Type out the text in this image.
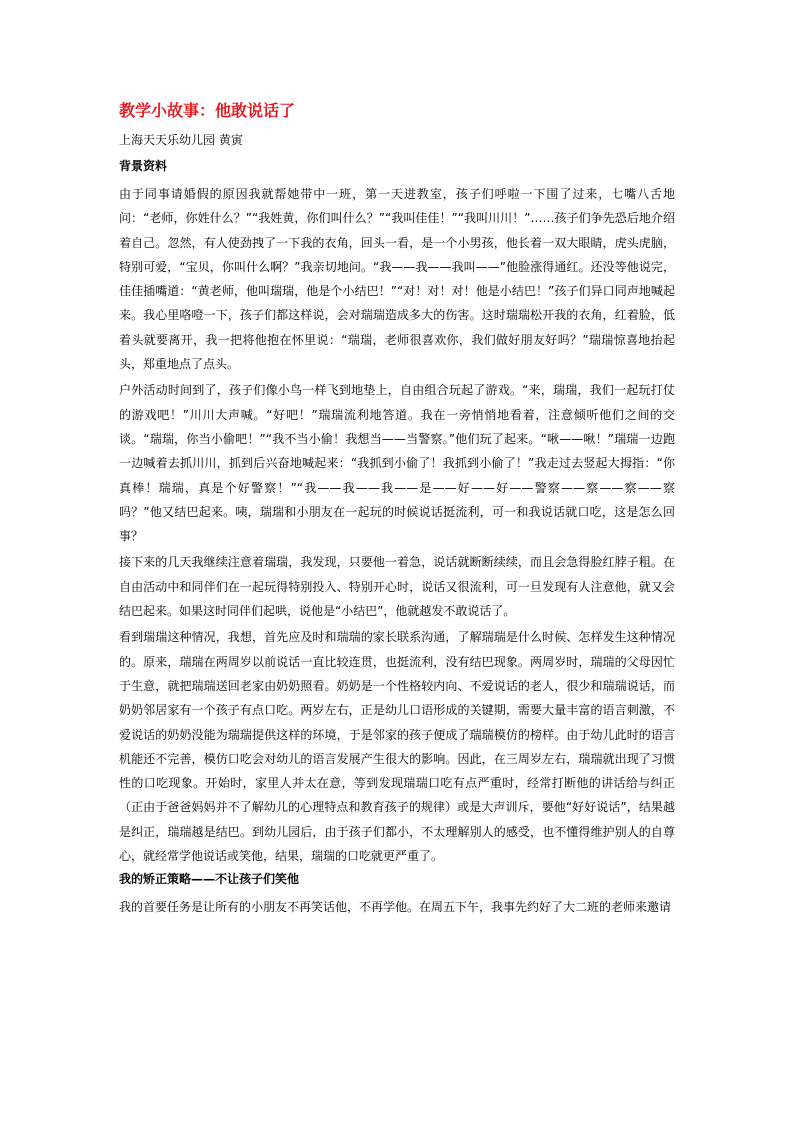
教学小故事：他敢说话了
上海天天乐幼儿园 黄寅
背景资料

由于同事请婚假的原因我就帮她带中一班，第一天进教室，孩子们呼啦一下围了过来，七嘴八舌地问：“老师，你姓什么？”“我姓黄，你们叫什么？”“我叫佳佳！”“我叫川川！”……孩子们争先恐后地介绍着自己。忽然，有人使劲拽了一下我的衣角，回头一看，是一个小男孩，他长着一双大眼睛，虎头虎脑，特别可爱，“宝贝，你叫什么啊？”我亲切地问。“我——我——我叫——”他脸涨得通红。还没等他说完，佳佳插嘴道：“黄老师，他叫瑞瑞，他是个小结巴！”“对！对！对！他是小结巴！”孩子们异口同声地喊起来。我心里咯噔一下，孩子们都这样说，会对瑞瑞造成多大的伤害。这时瑞瑞松开我的衣角，红着脸，低着头就要离开，我一把将他抱在怀里说：“瑞瑞，老师很喜欢你，我们做好朋友好吗？”瑞瑞惊喜地抬起头，郑重地点了点头。

户外活动时间到了，孩子们像小鸟一样飞到地垫上，自由组合玩起了游戏。“来，瑞瑞，我们一起玩打仗的游戏吧！”川川大声喊。“好吧！”瑞瑞流利地答道。我在一旁悄悄地看着，注意倾听他们之间的交谈。“瑞瑞，你当小偷吧！”“我不当小偷！我想当——当警察。”他们玩了起来。“啾——啾！”瑞瑞一边跑一边喊着去抓川川，抓到后兴奋地喊起来：“我抓到小偷了！我抓到小偷了！”我走过去竖起大拇指：“你真棒！瑞瑞，真是个好警察！”“我——我——我——是——好——好——警察——察——察——察吗？”他又结巴起来。咦，瑞瑞和小朋友在一起玩的时候说话挺流利，可一和我说话就口吃，这是怎么回事？

接下来的几天我继续注意着瑞瑞，我发现，只要他一着急，说话就断断续续，而且会急得脸红脖子粗。在自由活动中和同伴们在一起玩得特别投入、特别开心时，说话又很流利，可一旦发现有人注意他，就又会结巴起来。如果这时同伴们起哄，说他是“小结巴”，他就越发不敢说话了。

看到瑞瑞这种情况，我想，首先应及时和瑞瑞的家长联系沟通，了解瑞瑞是什么时候、怎样发生这种情况的。原来，瑞瑞在两周岁以前说话一直比较连贯，也挺流利，没有结巴现象。两周岁时，瑞瑞的父母因忙于生意，就把瑞瑞送回老家由奶奶照看。奶奶是一个性格较内向、不爱说话的老人，很少和瑞瑞说话，而奶奶邻居家有一个孩子有点口吃。两岁左右，正是幼儿口语形成的关键期，需要大量丰富的语言刺激，不爱说话的奶奶没能为瑞瑞提供这样的环境，于是邻家的孩子便成了瑞瑞模仿的榜样。由于幼儿此时的语言机能还不完善，模仿口吃会对幼儿的语言发展产生很大的影响。因此，在三周岁左右，瑞瑞就出现了习惯性的口吃现象。开始时，家里人并太在意，等到发现瑞瑞口吃有点严重时，经常打断他的讲话给与纠正（正由于爸爸妈妈并不了解幼儿的心理特点和教育孩子的规律）或是大声训斥，要他“好好说话”，结果越是纠正，瑞瑞越是结巴。到幼儿园后，由于孩子们都小，不太理解别人的感受，也不懂得维护别人的自尊心，就经常学他说话或笑他，结果，瑞瑞的口吃就更严重了。

我的矫正策略——不让孩子们笑他

我的首要任务是让所有的小朋友不再笑话他，不再学他。在周五下午，我事先约好了大二班的老师来邀请
